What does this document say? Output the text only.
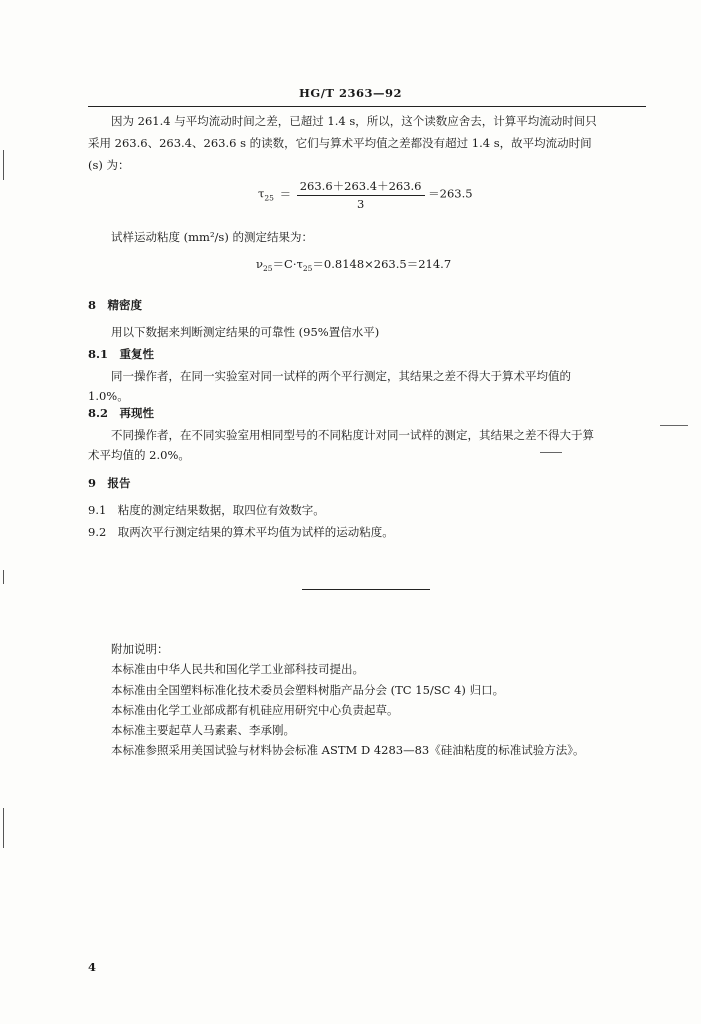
HG/T 2363—92
因为 261.4 与平均流动时间之差，已超过 1.4 s，所以，这个读数应舍去，计算平均流动时间只
采用 263.6、263.4、263.6 s 的读数，它们与算术平均值之差都没有超过 1.4 s，故平均流动时间
(s) 为：
$\tau_{25} = \frac{263.6+263.4+263.6}{3} =263.5$
试样运动粘度 (mm²/s) 的测定结果为：
$\nu_{25}=C\cdot\tau_{25}=0.8148\times 263.5=214.7$
8　精密度
用以下数据来判断测定结果的可靠性 (95%置信水平)
8.1　重复性
同一操作者，在同一实验室对同一试样的两个平行测定，其结果之差不得大于算术平均值的
1.0%。
8.2　再现性
不同操作者，在不同实验室用相同型号的不同粘度计对同一试样的测定，其结果之差不得大于算
术平均值的 2.0%。
9　报告
9.1　粘度的测定结果数据，取四位有效数字。
9.2　取两次平行测定结果的算术平均值为试样的运动粘度。
附加说明：
本标准由中华人民共和国化学工业部科技司提出。
本标准由全国塑料标准化技术委员会塑料树脂产品分会 (TC 15/SC 4) 归口。
本标准由化学工业部成都有机硅应用研究中心负责起草。
本标准主要起草人马素素、李承刚。
本标准参照采用美国试验与材料协会标准 ASTM D 4283—83《硅油粘度的标准试验方法》。
4
